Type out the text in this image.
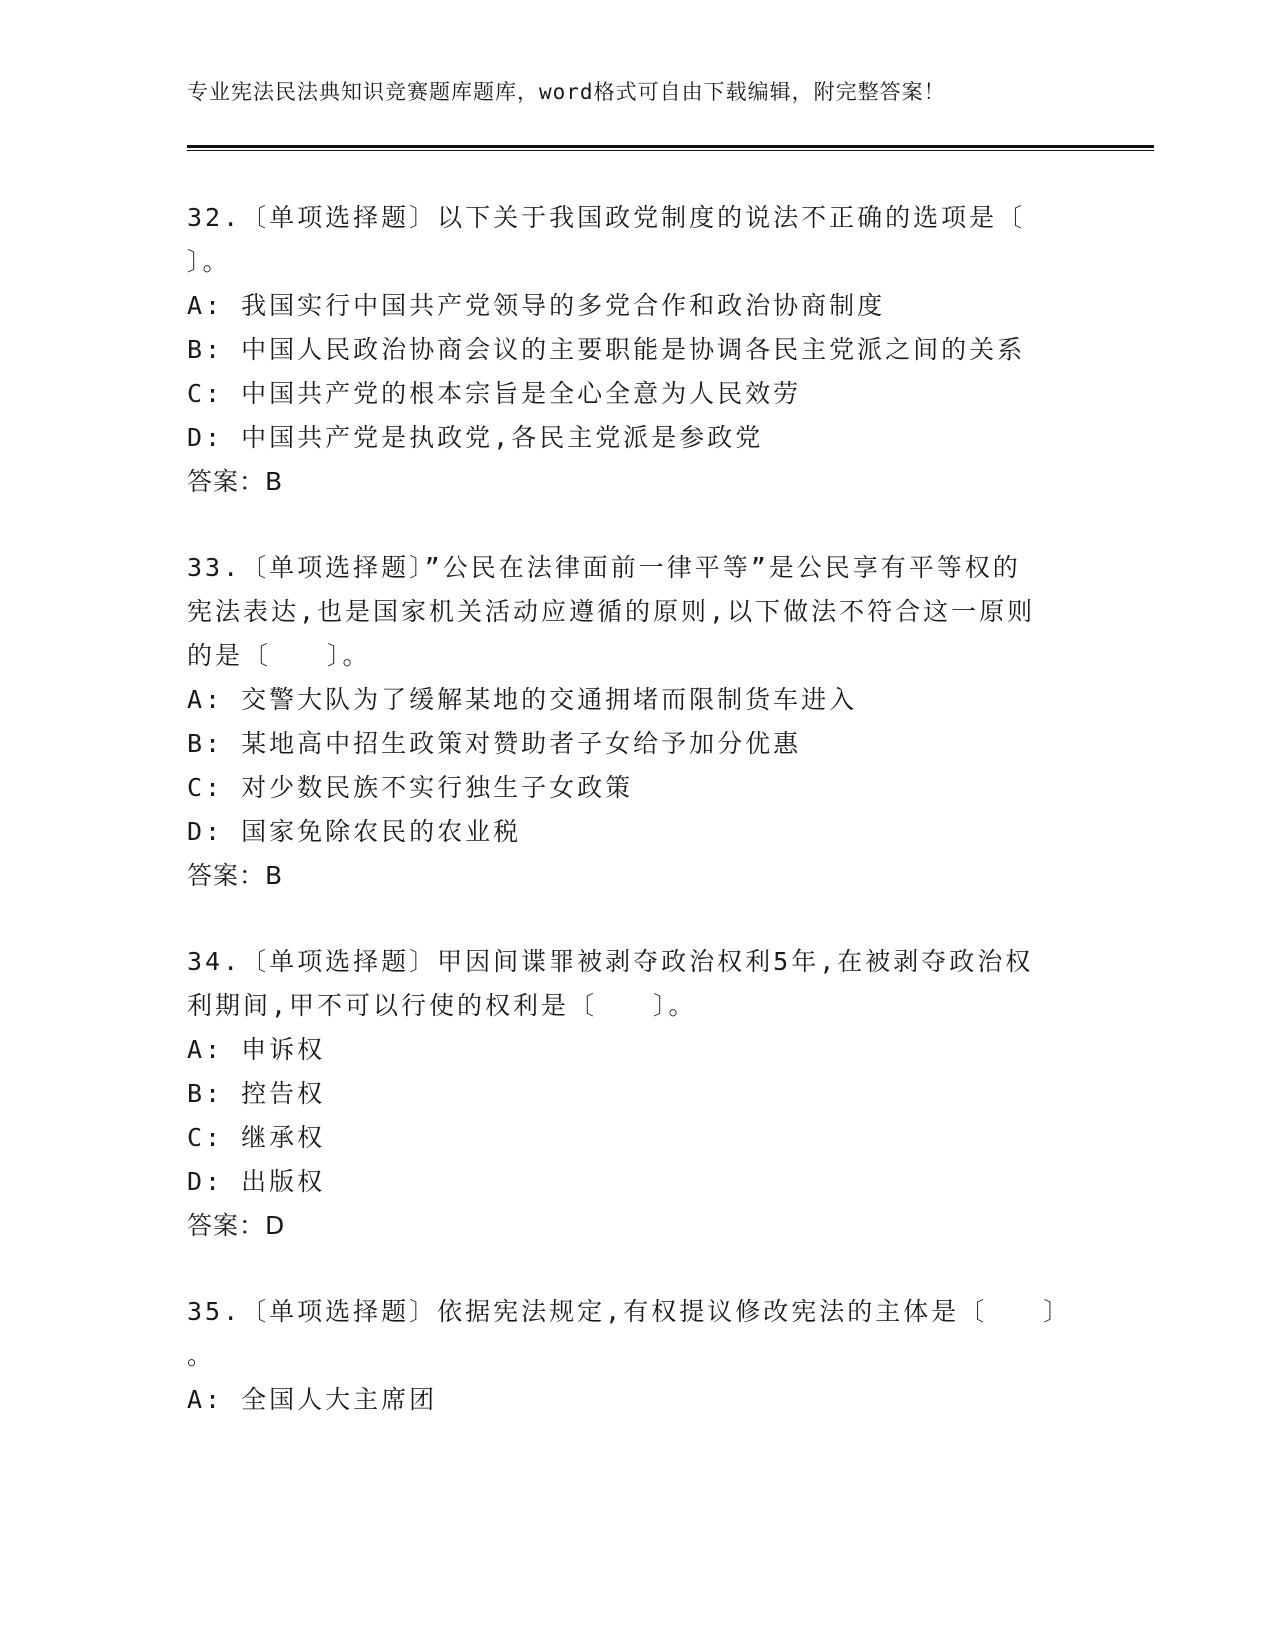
专业宪法民法典知识竞赛题库题库，word格式可自由下载编辑，附完整答案！
32.〔单项选择题〕以下关于我国政党制度的说法不正确的选项是〔
〕。
A: 我国实行中国共产党领导的多党合作和政治协商制度
B: 中国人民政治协商会议的主要职能是协调各民主党派之间的关系
C: 中国共产党的根本宗旨是全心全意为人民效劳
D: 中国共产党是执政党,各民主党派是参政党
答案：B
33.〔单项选择题〕”公民在法律面前一律平等”是公民享有平等权的
宪法表达,也是国家机关活动应遵循的原则,以下做法不符合这一原则
的是〔　　〕。
A: 交警大队为了缓解某地的交通拥堵而限制货车进入
B: 某地高中招生政策对赞助者子女给予加分优惠
C: 对少数民族不实行独生子女政策
D: 国家免除农民的农业税
答案：B
34.〔单项选择题〕甲因间谍罪被剥夺政治权利5年,在被剥夺政治权
利期间,甲不可以行使的权利是〔　　〕。
A: 申诉权
B: 控告权
C: 继承权
D: 出版权
答案：D
35.〔单项选择题〕依据宪法规定,有权提议修改宪法的主体是〔　　〕
。
A: 全国人大主席团
